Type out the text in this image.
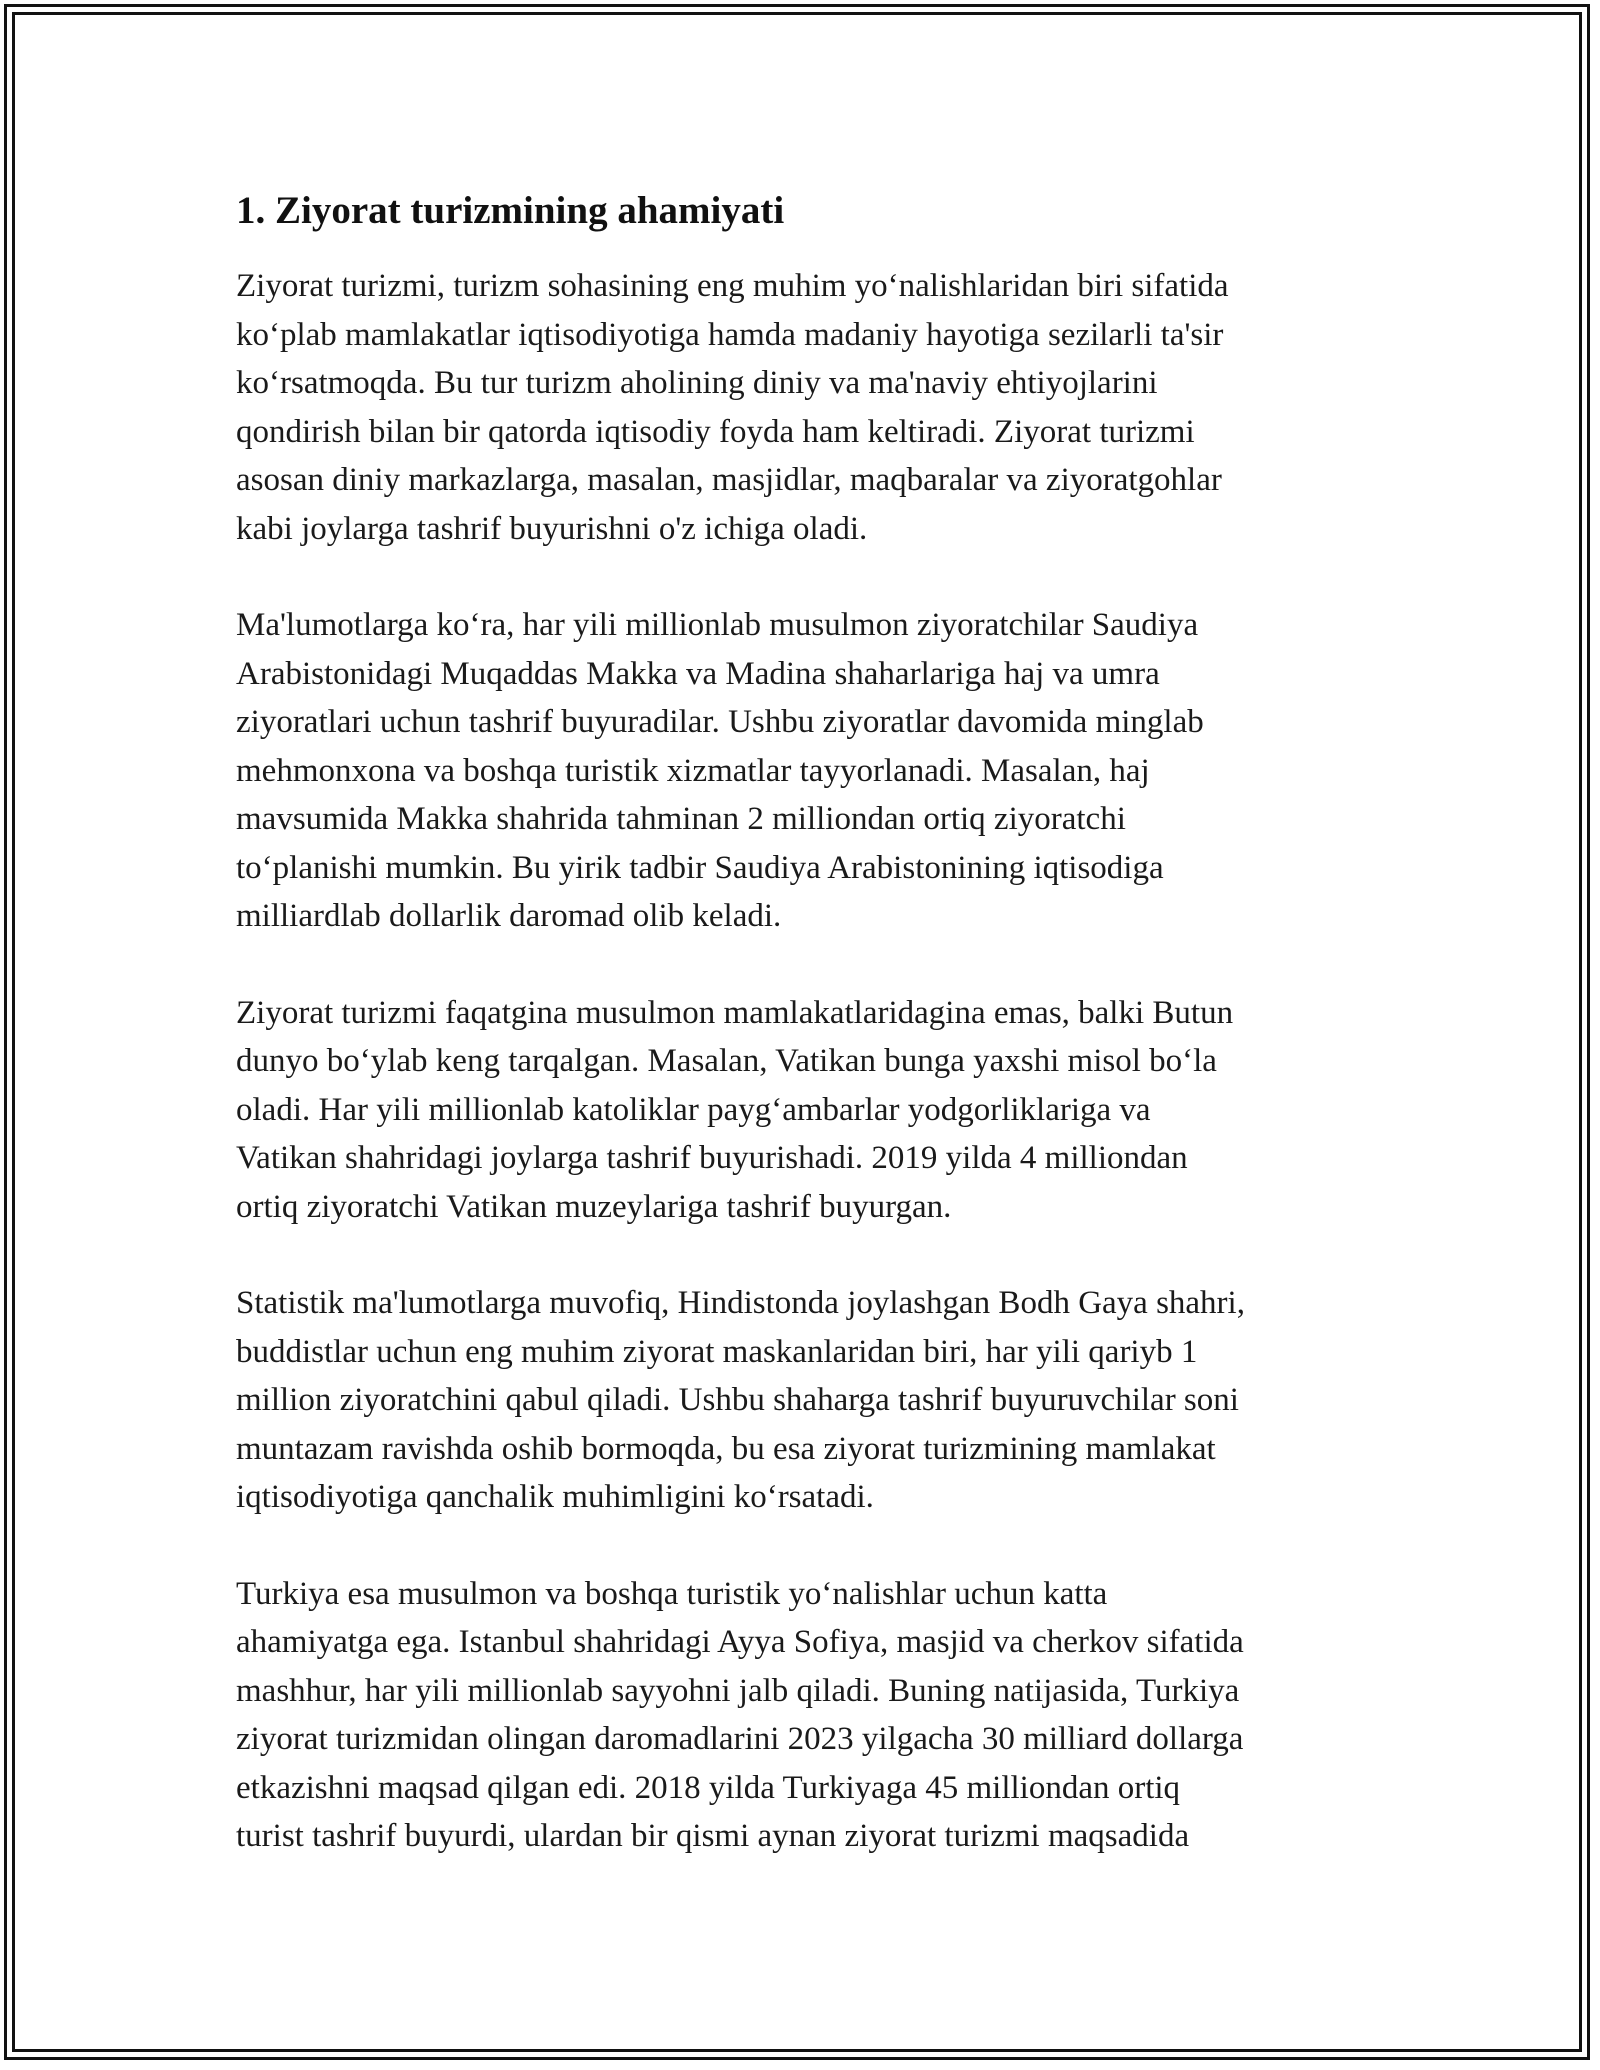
1. Ziyorat turizmining ahamiyati

Ziyorat turizmi, turizm sohasining eng muhim yo‘nalishlaridan biri sifatida
ko‘plab mamlakatlar iqtisodiyotiga hamda madaniy hayotiga sezilarli ta'sir
ko‘rsatmoqda. Bu tur turizm aholining diniy va ma'naviy ehtiyojlarini
qondirish bilan bir qatorda iqtisodiy foyda ham keltiradi. Ziyorat turizmi
asosan diniy markazlarga, masalan, masjidlar, maqbaralar va ziyoratgohlar
kabi joylarga tashrif buyurishni o'z ichiga oladi.

Ma'lumotlarga ko‘ra, har yili millionlab musulmon ziyoratchilar Saudiya
Arabistonidagi Muqaddas Makka va Madina shaharlariga haj va umra
ziyoratlari uchun tashrif buyuradilar. Ushbu ziyoratlar davomida minglab
mehmonxona va boshqa turistik xizmatlar tayyorlanadi. Masalan, haj
mavsumida Makka shahrida tahminan 2 milliondan ortiq ziyoratchi
to‘planishi mumkin. Bu yirik tadbir Saudiya Arabistonining iqtisodiga
milliardlab dollarlik daromad olib keladi.

Ziyorat turizmi faqatgina musulmon mamlakatlaridagina emas, balki Butun
dunyo bo‘ylab keng tarqalgan. Masalan, Vatikan bunga yaxshi misol bo‘la
oladi. Har yili millionlab katoliklar payg‘ambarlar yodgorliklariga va
Vatikan shahridagi joylarga tashrif buyurishadi. 2019 yilda 4 milliondan
ortiq ziyoratchi Vatikan muzeylariga tashrif buyurgan.

Statistik ma'lumotlarga muvofiq, Hindistonda joylashgan Bodh Gaya shahri,
buddistlar uchun eng muhim ziyorat maskanlaridan biri, har yili qariyb 1
million ziyoratchini qabul qiladi. Ushbu shaharga tashrif buyuruvchilar soni
muntazam ravishda oshib bormoqda, bu esa ziyorat turizmining mamlakat
iqtisodiyotiga qanchalik muhimligini ko‘rsatadi.

Turkiya esa musulmon va boshqa turistik yo‘nalishlar uchun katta
ahamiyatga ega. Istanbul shahridagi Ayya Sofiya, masjid va cherkov sifatida
mashhur, har yili millionlab sayyohni jalb qiladi. Buning natijasida, Turkiya
ziyorat turizmidan olingan daromadlarini 2023 yilgacha 30 milliard dollarga
etkazishni maqsad qilgan edi. 2018 yilda Turkiyaga 45 milliondan ortiq
turist tashrif buyurdi, ulardan bir qismi aynan ziyorat turizmi maqsadida
